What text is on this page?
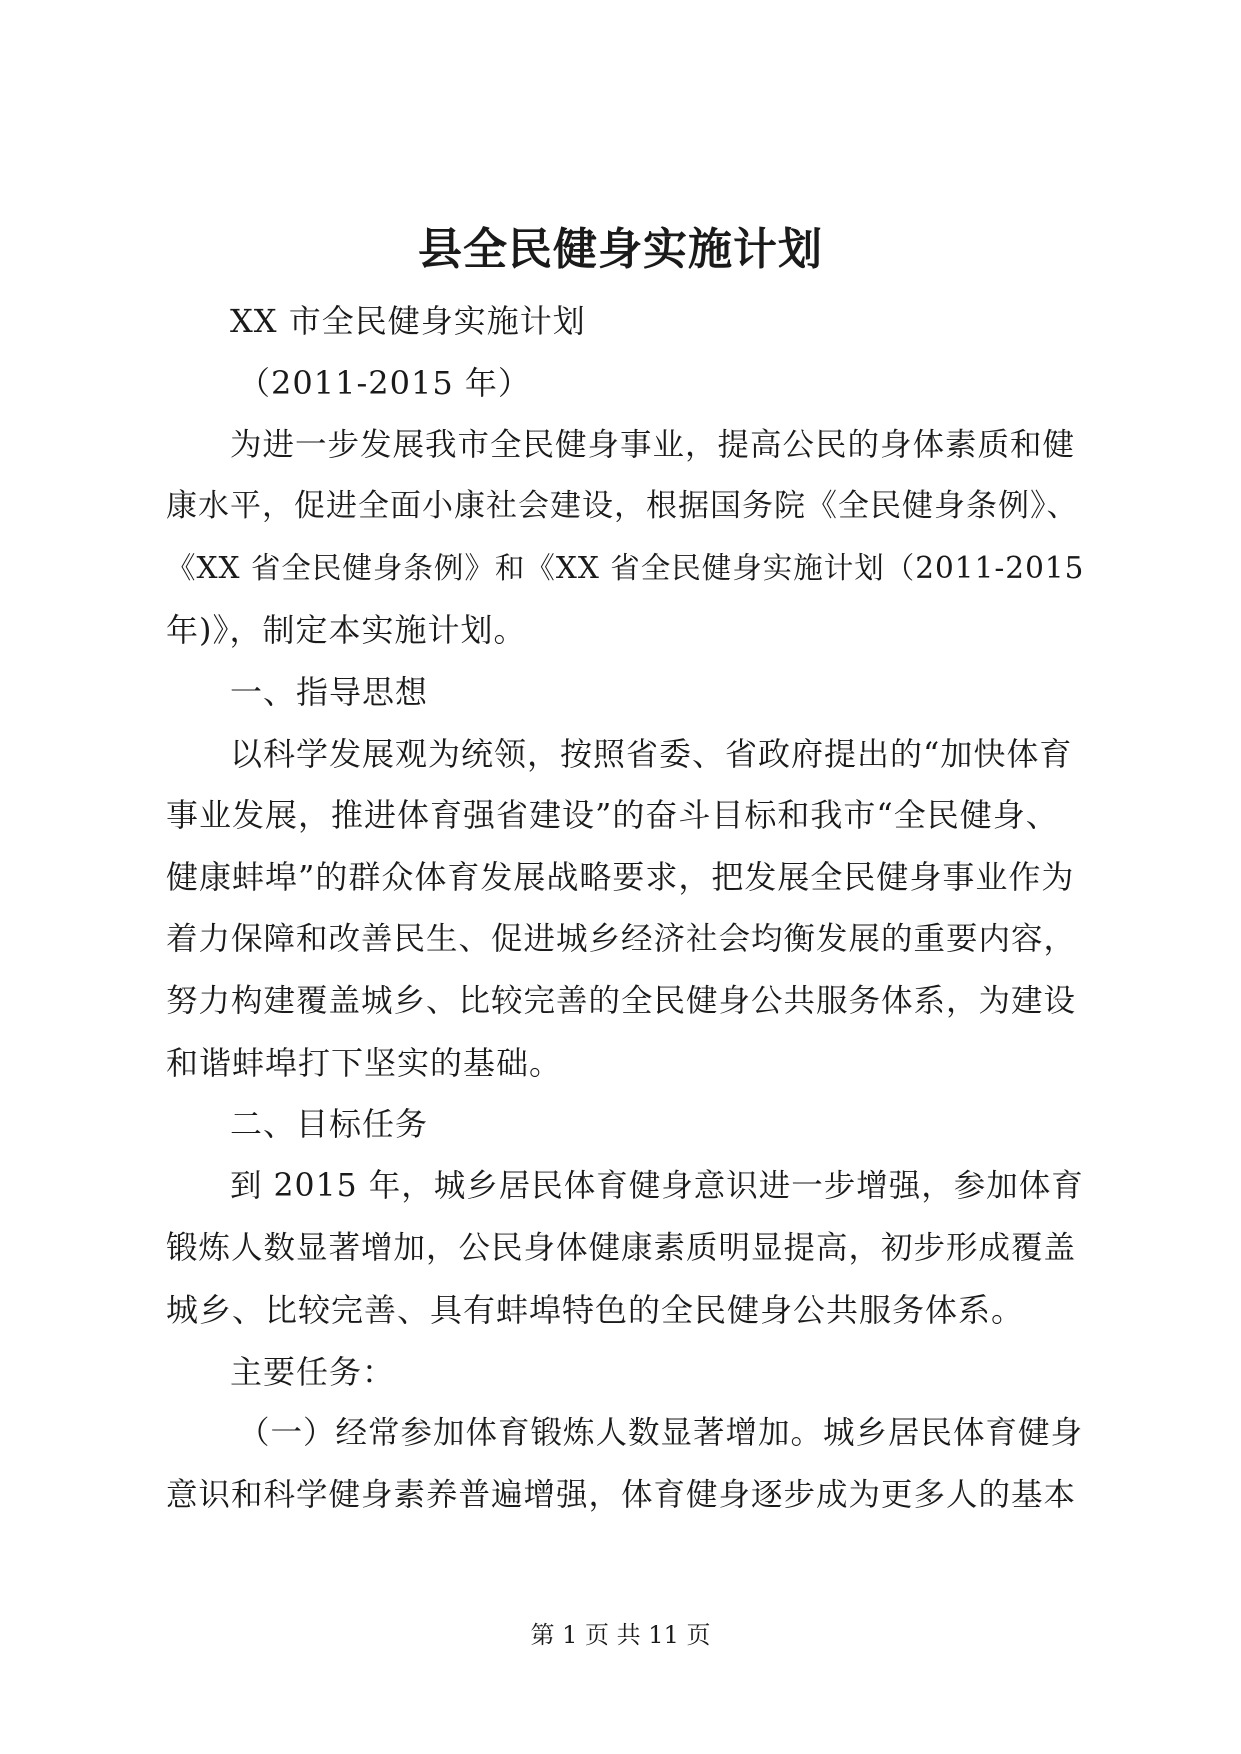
县全民健身实施计划

XX 市全民健身实施计划

（2011-2015 年）

为进一步发展我市全民健身事业，提高公民的身体素质和健

康水平，促进全面小康社会建设，根据国务院《全民健身条例》、

《XX 省全民健身条例》和《XX 省全民健身实施计划（2011-2015

年)》，制定本实施计划。

一、指导思想

以科学发展观为统领，按照省委、省政府提出的“加快体育

事业发展，推进体育强省建设”的奋斗目标和我市“全民健身、

健康蚌埠”的群众体育发展战略要求，把发展全民健身事业作为

着力保障和改善民生、促进城乡经济社会均衡发展的重要内容，

努力构建覆盖城乡、比较完善的全民健身公共服务体系，为建设

和谐蚌埠打下坚实的基础。

二、目标任务

到 2015 年，城乡居民体育健身意识进一步增强，参加体育

锻炼人数显著增加，公民身体健康素质明显提高，初步形成覆盖

城乡、比较完善、具有蚌埠特色的全民健身公共服务体系。

主要任务：

（一）经常参加体育锻炼人数显著增加。城乡居民体育健身

意识和科学健身素养普遍增强，体育健身逐步成为更多人的基本

第 1 页 共 11 页
